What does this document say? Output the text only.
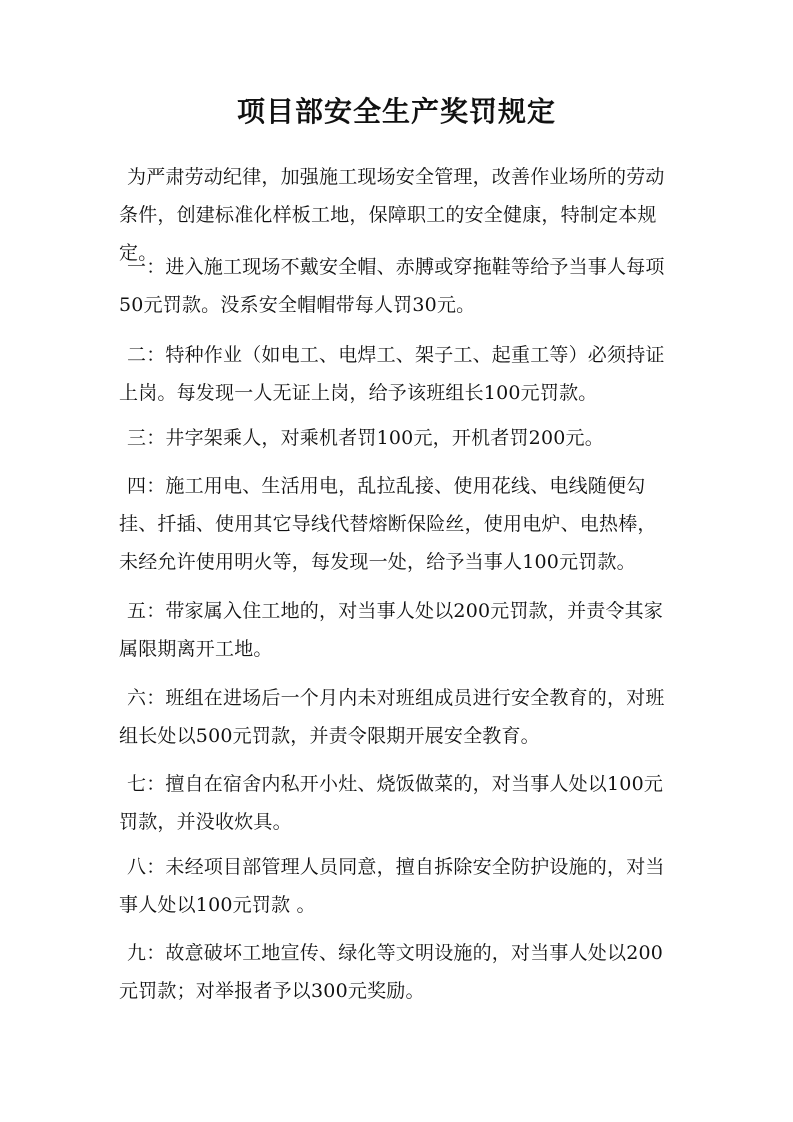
项目部安全生产奖罚规定
为严肃劳动纪律，加强施工现场安全管理，改善作业场所的劳动条件，创建标准化样板工地，保障职工的安全健康，特制定本规定。
一：进入施工现场不戴安全帽、赤膊或穿拖鞋等给予当事人每项50元罚款。没系安全帽帽带每人罚30元。
二：特种作业（如电工、电焊工、架子工、起重工等）必须持证上岗。每发现一人无证上岗，给予该班组长100元罚款。
三：井字架乘人，对乘机者罚100元，开机者罚200元。
四：施工用电、生活用电，乱拉乱接、使用花线、电线随便勾挂、扦插、使用其它导线代替熔断保险丝，使用电炉、电热棒，未经允许使用明火等，每发现一处，给予当事人100元罚款。
五：带家属入住工地的，对当事人处以200元罚款，并责令其家属限期离开工地。
六：班组在进场后一个月内未对班组成员进行安全教育的，对班组长处以500元罚款，并责令限期开展安全教育。
七：擅自在宿舍内私开小灶、烧饭做菜的，对当事人处以100元罚款，并没收炊具。
八：未经项目部管理人员同意，擅自拆除安全防护设施的，对当事人处以100元罚款 。
九：故意破坏工地宣传、绿化等文明设施的，对当事人处以200元罚款；对举报者予以300元奖励。
